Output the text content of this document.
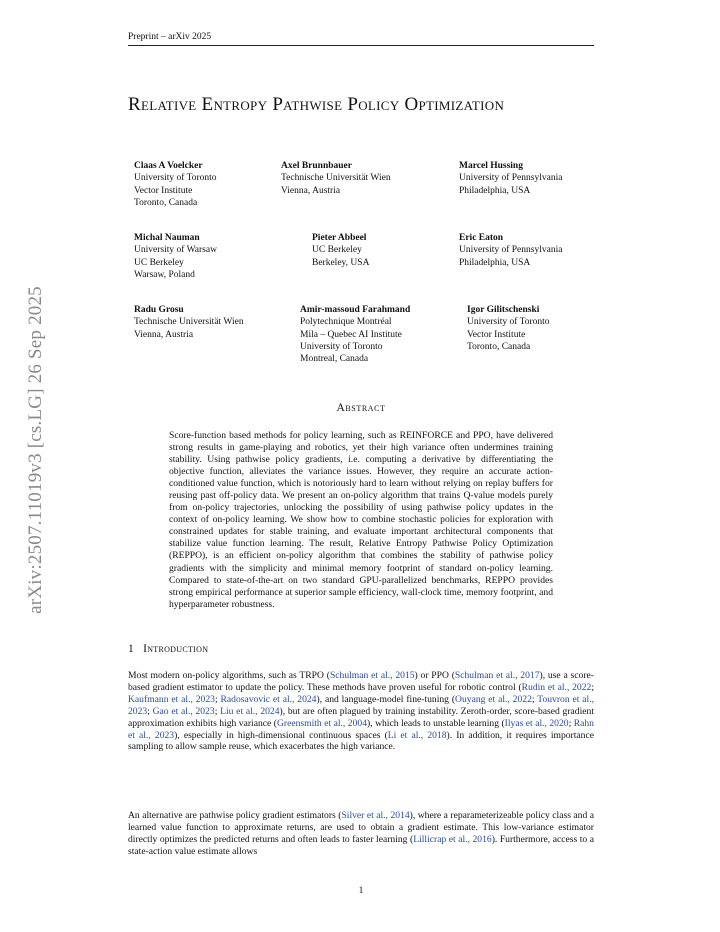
Preprint – arXiv 2025
arXiv:2507.11019v3 [cs.LG] 26 Sep 2025
Relative Entropy Pathwise Policy Optimization
Claas A Voelcker
University of Toronto
Vector Institute
Toronto, Canada
Axel Brunnbauer
Technische Universität Wien
Vienna, Austria
Marcel Hussing
University of Pennsylvania
Philadelphia, USA
Michal Nauman
University of Warsaw
UC Berkeley
Warsaw, Poland
Pieter Abbeel
UC Berkeley
Berkeley, USA
Eric Eaton
University of Pennsylvania
Philadelphia, USA
Radu Grosu
Technische Universität Wien
Vienna, Austria
Amir-massoud Farahmand
Polytechnique Montréal
Mila – Quebec AI Institute
University of Toronto
Montreal, Canada
Igor Gilitschenski
University of Toronto
Vector Institute
Toronto, Canada
Abstract
Score-function based methods for policy learning, such as REINFORCE and PPO, have delivered strong results in game-playing and robotics, yet their high variance often undermines training stability. Using pathwise policy gradients, i.e. computing a derivative by differentiating the objective function, alleviates the variance issues. However, they require an accurate action-conditioned value function, which is notoriously hard to learn without relying on replay buffers for reusing past off-policy data. We present an on-policy algorithm that trains Q-value models purely from on-policy trajectories, unlocking the possibility of using pathwise policy updates in the context of on-policy learning. We show how to combine stochastic policies for exploration with constrained updates for stable training, and evaluate important architectural components that stabilize value function learning. The result, Relative Entropy Pathwise Policy Optimization (REPPO), is an efficient on-policy algorithm that combines the stability of pathwise policy gradients with the simplicity and minimal memory footprint of standard on-policy learning. Compared to state-of-the-art on two standard GPU-parallelized benchmarks, REPPO provides strong empirical performance at superior sample efficiency, wall-clock time, memory footprint, and hyperparameter robustness.
1 Introduction

Most modern on-policy algorithms, such as TRPO (Schulman et al., 2015) or PPO (Schulman et al., 2017), use a score-based gradient estimator to update the policy. These methods have proven useful for robotic control (Rudin et al., 2022; Kaufmann et al., 2023; Radosavovic et al., 2024), and language-model fine-tuning (Ouyang et al., 2022; Touvron et al., 2023; Gao et al., 2023; Liu et al., 2024), but are often plagued by training instability. Zeroth-order, score-based gradient approximation exhibits high variance (Greensmith et al., 2004), which leads to unstable learning (Ilyas et al., 2020; Rahn et al., 2023), especially in high-dimensional continuous spaces (Li et al., 2018). In addition, it requires importance sampling to allow sample reuse, which exacerbates the high variance.

An alternative are pathwise policy gradient estimators (Silver et al., 2014), where a reparameterizeable policy class and a learned value function to approximate returns, are used to obtain a gradient estimate. This low-variance estimator directly optimizes the predicted returns and often leads to faster learning (Lillicrap et al., 2016). Furthermore, access to a state-action value estimate allows

1
